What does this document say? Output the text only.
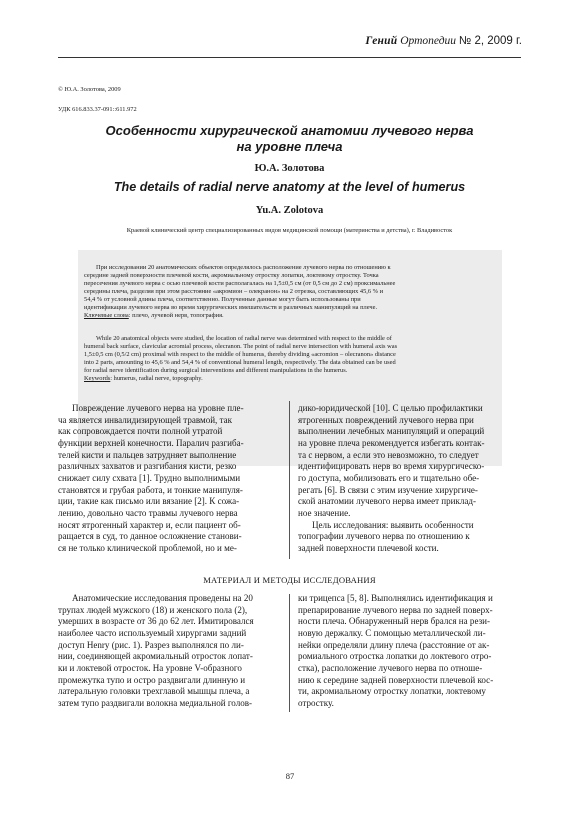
Гений Ортопедии № 2, 2009 г.
© Ю.А. Золотова, 2009
УДК 616.833.37-091::611.972
Особенности хирургической анатомии лучевого нерва
на уровне плеча
Ю.А. Золотова
The details of radial nerve anatomy at the level of humerus
Yu.A. Zolotova
Краевой клинический центр специализированных видов медицинской помощи (материнства и детства), г. Владивосток
При исследовании 20 анатомических объектов определялось расположение лучевого нерва по отношению к
середине задней поверхности плечевой кости, акромиальному отростку лопатки, локтевому отростку. Точка
пересечения лучевого нерва с осью плечевой кости располагалась на 1,5±0,5 см (от 0,5 см до 2 см) проксимальнее
середины плеча, разделяя при этом расстояние «акромион – олекранон» на 2 отрезка, составляющих 45,6 % и
54,4 % от условной длины плеча, соответственно. Полученные данные могут быть использованы при
идентификации лучевого нерва во время хирургических вмешательств и различных манипуляций на плече.
Ключевые слова: плечо, лучевой нерв, топография.
While 20 anatomical objects were studied, the location of radial nerve was determined with respect to the middle of
humeral back surface, clavicular acromial process, olecranon. The point of radial nerve intersection with humeral axis was
1,5±0,5 cm (0,5/2 cm) proximal with respect to the middle of humerus, thereby dividing «acromion – olecranon» distance
into 2 parts, amounting to 45,6 % and 54,4 % of conventional humeral length, respectively. The data obtained can be used
for radial nerve identification during surgical interventions and different manipulations in the humerus.
Keywords: humerus, radial nerve, topography.
Повреждение лучевого нерва на уровне пле-
ча является инвалидизирующей травмой, так
как сопровождается почти полной утратой
функции верхней конечности. Паралич разгиба-
телей кисти и пальцев затрудняет выполнение
различных захватов и разгибания кисти, резко
снижает силу схвата [1]. Трудно выполнимыми
становятся и грубая работа, и тонкие манипуля-
ции, такие как письмо или вязание [2]. К сожа-
лению, довольно часто травмы лучевого нерва
носят ятрогенный характер и, если пациент об-
ращается в суд, то данное осложнение станови-
ся не только клинической проблемой, но и ме-
дико-юридической [10]. С целью профилактики
ятрогенных повреждений лучевого нерва при
выполнении лечебных манипуляций и операций
на уровне плеча рекомендуется избегать контак-
та с нервом, а если это невозможно, то следует
идентифицировать нерв во время хирургическо-
го доступа, мобилизовать его и тщательно обе-
регать [6]. В связи с этим изучение хирургиче-
ской анатомии лучевого нерва имеет приклад-
ное значение.
Цель исследования: выявить особенности
топографии лучевого нерва по отношению к
задней поверхности плечевой кости.
МАТЕРИАЛ И МЕТОДЫ ИССЛЕДОВАНИЯ
Анатомические исследования проведены на 20
трупах людей мужского (18) и женского пола (2),
умерших в возрасте от 36 до 62 лет. Имитировался
наиболее часто используемый хирургами задний
доступ Henry (рис. 1). Разрез выполнялся по ли-
нии, соединяющей акромиальный отросток лопат-
ки и локтевой отросток. На уровне V-образного
промежутка тупо и остро раздвигали длинную и
латеральную головки трехглавой мышцы плеча, а
затем тупо раздвигали волокна медиальной голов-
ки трицепса [5, 8]. Выполнялись идентификация и
препарирование лучевого нерва по задней поверх-
ности плеча. Обнаруженный нерв брался на рези-
новую держалку. С помощью металлической ли-
нейки определяли длину плеча (расстояние от ак-
ромиального отростка лопатки до локтевого отро-
стка), расположение лучевого нерва по отноше-
нию к середине задней поверхности плечевой кос-
ти, акромиальному отростку лопатки, локтевому
отростку.
87
